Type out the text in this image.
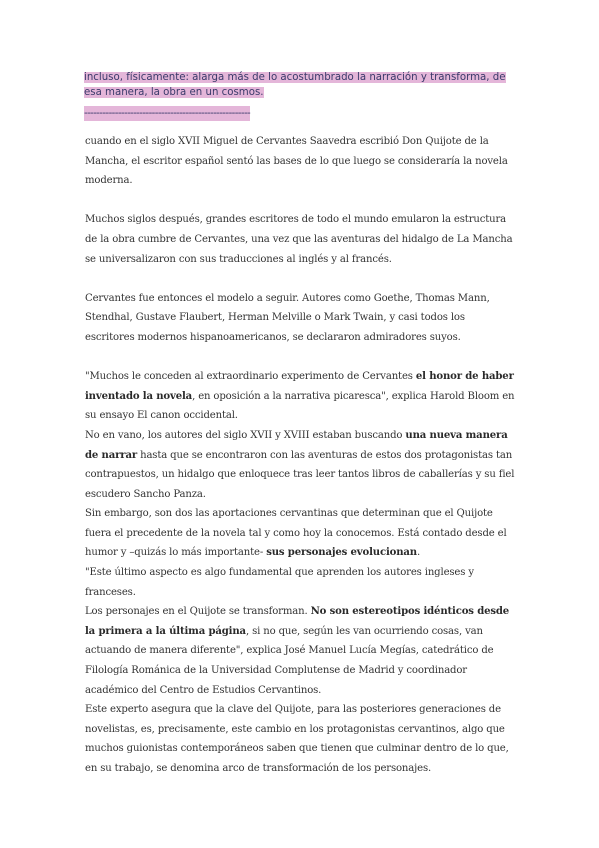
incluso, físicamente: alarga más de lo acostumbrado la narración y transforma, de esa manera, la obra en un cosmos.
------------------------------------------------------

cuando en el siglo XVII Miguel de Cervantes Saavedra escribió Don Quijote de la Mancha, el escritor español sentó las bases de lo que luego se consideraría la novela moderna.

Muchos siglos después, grandes escritores de todo el mundo emularon la estructura de la obra cumbre de Cervantes, una vez que las aventuras del hidalgo de La Mancha se universalizaron con sus traducciones al inglés y al francés.

Cervantes fue entonces el modelo a seguir. Autores como Goethe, Thomas Mann, Stendhal, Gustave Flaubert, Herman Melville o Mark Twain, y casi todos los escritores modernos hispanoamericanos, se declararon admiradores suyos.

"Muchos le conceden al extraordinario experimento de Cervantes el honor de haber inventado la novela, en oposición a la narrativa picaresca", explica Harold Bloom en su ensayo El canon occidental.

No en vano, los autores del siglo XVII y XVIII estaban buscando una nueva manera de narrar hasta que se encontraron con las aventuras de estos dos protagonistas tan contrapuestos, un hidalgo que enloquece tras leer tantos libros de caballerías y su fiel escudero Sancho Panza.

Sin embargo, son dos las aportaciones cervantinas que determinan que el Quijote fuera el precedente de la novela tal y como hoy la conocemos. Está contado desde el humor y –quizás lo más importante- sus personajes evolucionan.

"Este último aspecto es algo fundamental que aprenden los autores ingleses y franceses.

Los personajes en el Quijote se transforman. No son estereotipos idénticos desde la primera a la última página, si no que, según les van ocurriendo cosas, van actuando de manera diferente", explica José Manuel Lucía Megías, catedrático de Filología Románica de la Universidad Complutense de Madrid y coordinador académico del Centro de Estudios Cervantinos.

Este experto asegura que la clave del Quijote, para las posteriores generaciones de novelistas, es, precisamente, este cambio en los protagonistas cervantinos, algo que muchos guionistas contemporáneos saben que tienen que culminar dentro de lo que, en su trabajo, se denomina arco de transformación de los personajes.
